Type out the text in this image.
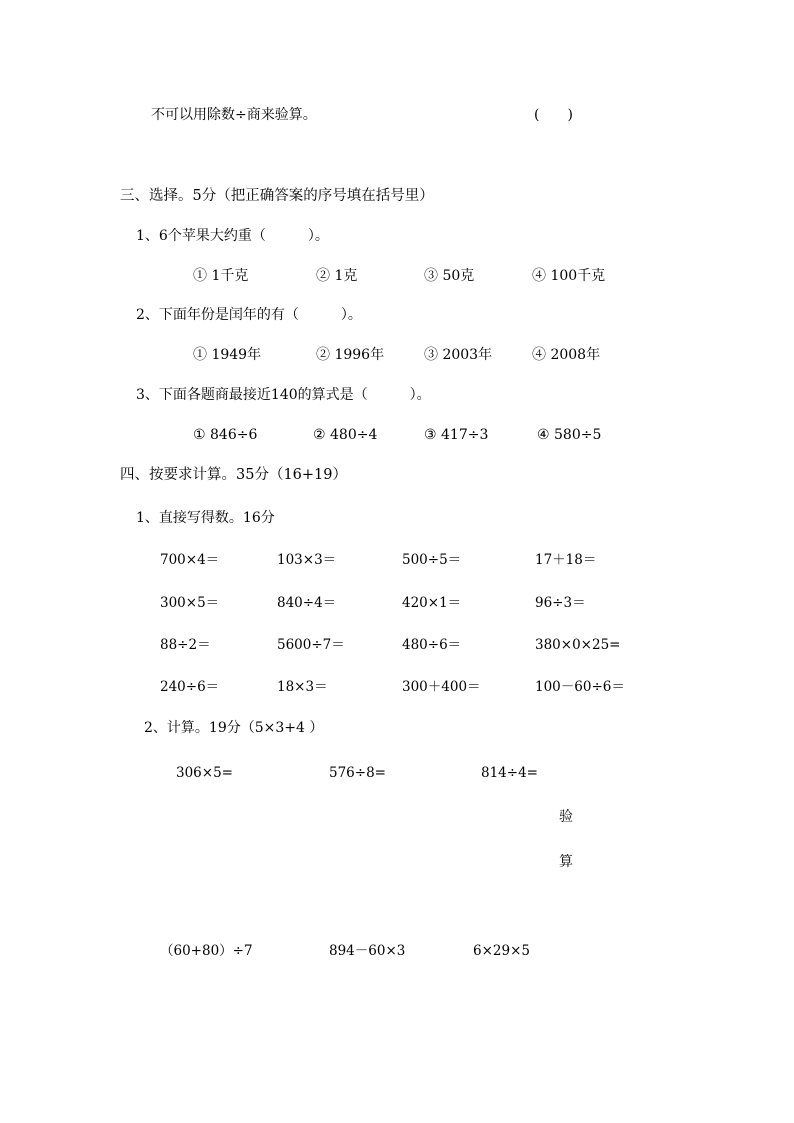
不可以用除数÷商来验算。	(　　)
三、选择。5分（把正确答案的序号填在括号里）
1、6个苹果大约重（　　　）。
① 1千克	② 1克	③ 50克	④ 100千克
2、下面年份是闰年的有（　　　）。
① 1949年	② 1996年	③ 2003年	④ 2008年
3、下面各题商最接近140的算式是（　　　）。
① 846÷6	② 480÷4	③ 417÷3	④ 580÷5
四、按要求计算。35分（16+19）
1、直接写得数。16分
700×4＝	103×3＝	500÷5＝	17＋18＝
300×5＝	840÷4＝	420×1＝	96÷3＝
88÷2＝	5600÷7＝	480÷6＝	380×0×25=
240÷6＝	18×3＝	300＋400＝	100－60÷6＝
2、计算。19分（5×3+4 ）
306×5=	576÷8=	814÷4=
验
算
（60+80）÷7	894－60×3	6×29×5
